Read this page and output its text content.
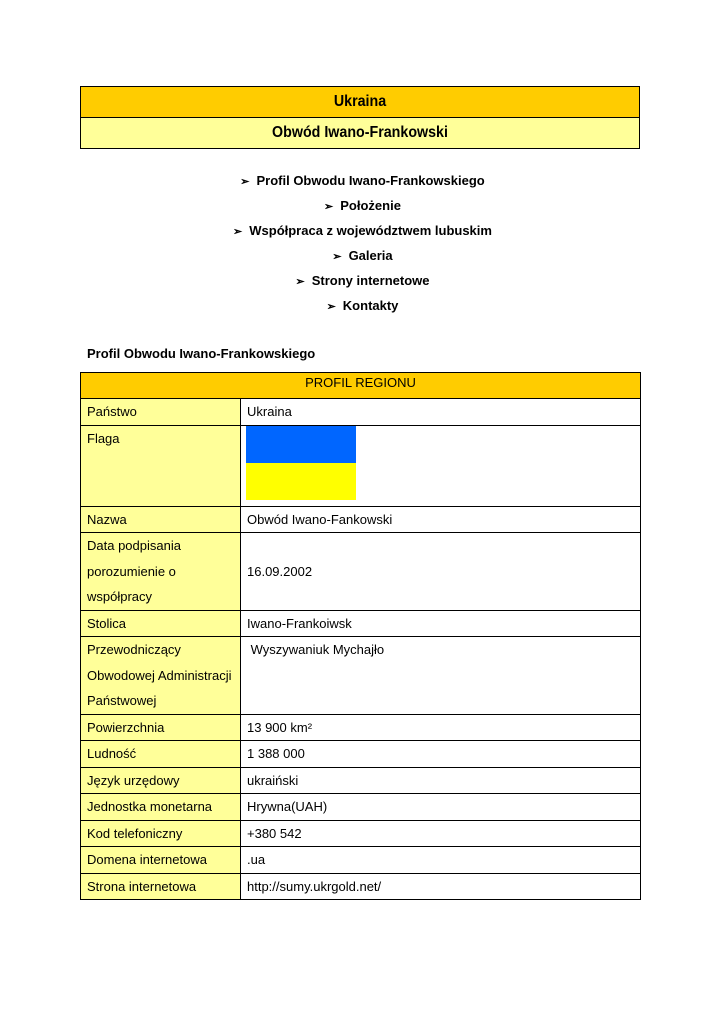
Ukraina
Obwód Iwano-Frankowski
➢ Profil Obwodu Iwano-Frankowskiego
➢ Położenie
➢ Współpraca z województwem lubuskim
➢ Galeria
➢ Strony internetowe
➢ Kontakty
Profil Obwodu Iwano-Frankowskiego
PROFIL REGIONU	
Państwo	Ukraina
Flaga	

Nazwa	Obwód Iwano-Fankowski

Data podpisania
porozumienie o współpracy	16.09.2002

Stolica	Iwano-Frankoiwsk

Przewodniczący
Obwodowej Administracji
Państwowej	Wyszywaniuk Mychajło
Powierzchnia	13 900 km²
Ludność	1 388 000
Język urzędowy	ukraiński
Jednostka monetarna	Hrywna(UAH)
Kod telefoniczny	+380 542
Domena internetowa	.ua
Strona internetowa	http://sumy.ukrgold.net/
